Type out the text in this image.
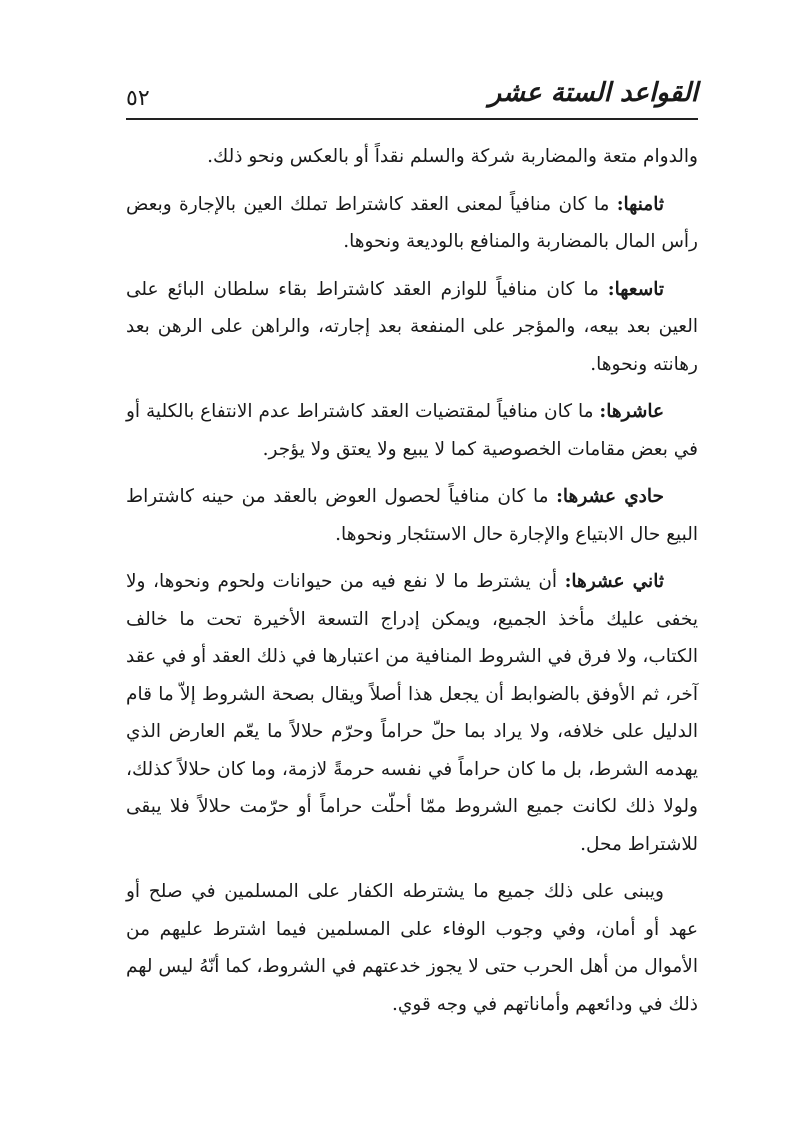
القواعد الستة عشر
٥٢

والدوام متعة والمضاربة شركة والسلم نقداً أو بالعكس ونحو ذلك.

ثامنها: ما كان منافياً لمعنى العقد كاشتراط تملك العين بالإجارة وبعض رأس المال بالمضاربة والمنافع بالوديعة ونحوها.

تاسعها: ما كان منافياً للوازم العقد كاشتراط بقاء سلطان البائع على العين بعد بيعه، والمؤجر على المنفعة بعد إجارته، والراهن على الرهن بعد رهانته ونحوها.

عاشرها: ما كان منافياً لمقتضيات العقد كاشتراط عدم الانتفاع بالكلية أو في بعض مقامات الخصوصية كما لا يبيع ولا يعتق ولا يؤجر.

حادي عشرها: ما كان منافياً لحصول العوض بالعقد من حينه كاشتراط البيع حال الابتياع والإجارة حال الاستئجار ونحوها.

ثاني عشرها: أن يشترط ما لا نفع فيه من حيوانات ولحوم ونحوها، ولا يخفى عليك مأخذ الجميع، ويمكن إدراج التسعة الأخيرة تحت ما خالف الكتاب، ولا فرق في الشروط المنافية من اعتبارها في ذلك العقد أو في عقد آخر، ثم الأوفق بالضوابط أن يجعل هذا أصلاً ويقال بصحة الشروط إلاّ ما قام الدليل على خلافه، ولا يراد بما حلّ حراماً وحرّم حلالاً ما يعّم العارض الذي يهدمه الشرط، بل ما كان حراماً في نفسه حرمةً لازمة، وما كان حلالاً كذلك، ولولا ذلك لكانت جميع الشروط ممّا أحلّت حراماً أو حرّمت حلالاً فلا يبقى للاشتراط محل.

ويبنى على ذلك جميع ما يشترطه الكفار على المسلمين في صلح أو عهد أو أمان، وفي وجوب الوفاء على المسلمين فيما اشترط عليهم من الأموال من أهل الحرب حتى لا يجوز خدعتهم في الشروط، كما أنّهُ ليس لهم ذلك في ودائعهم وأماناتهم في وجه قوي.
